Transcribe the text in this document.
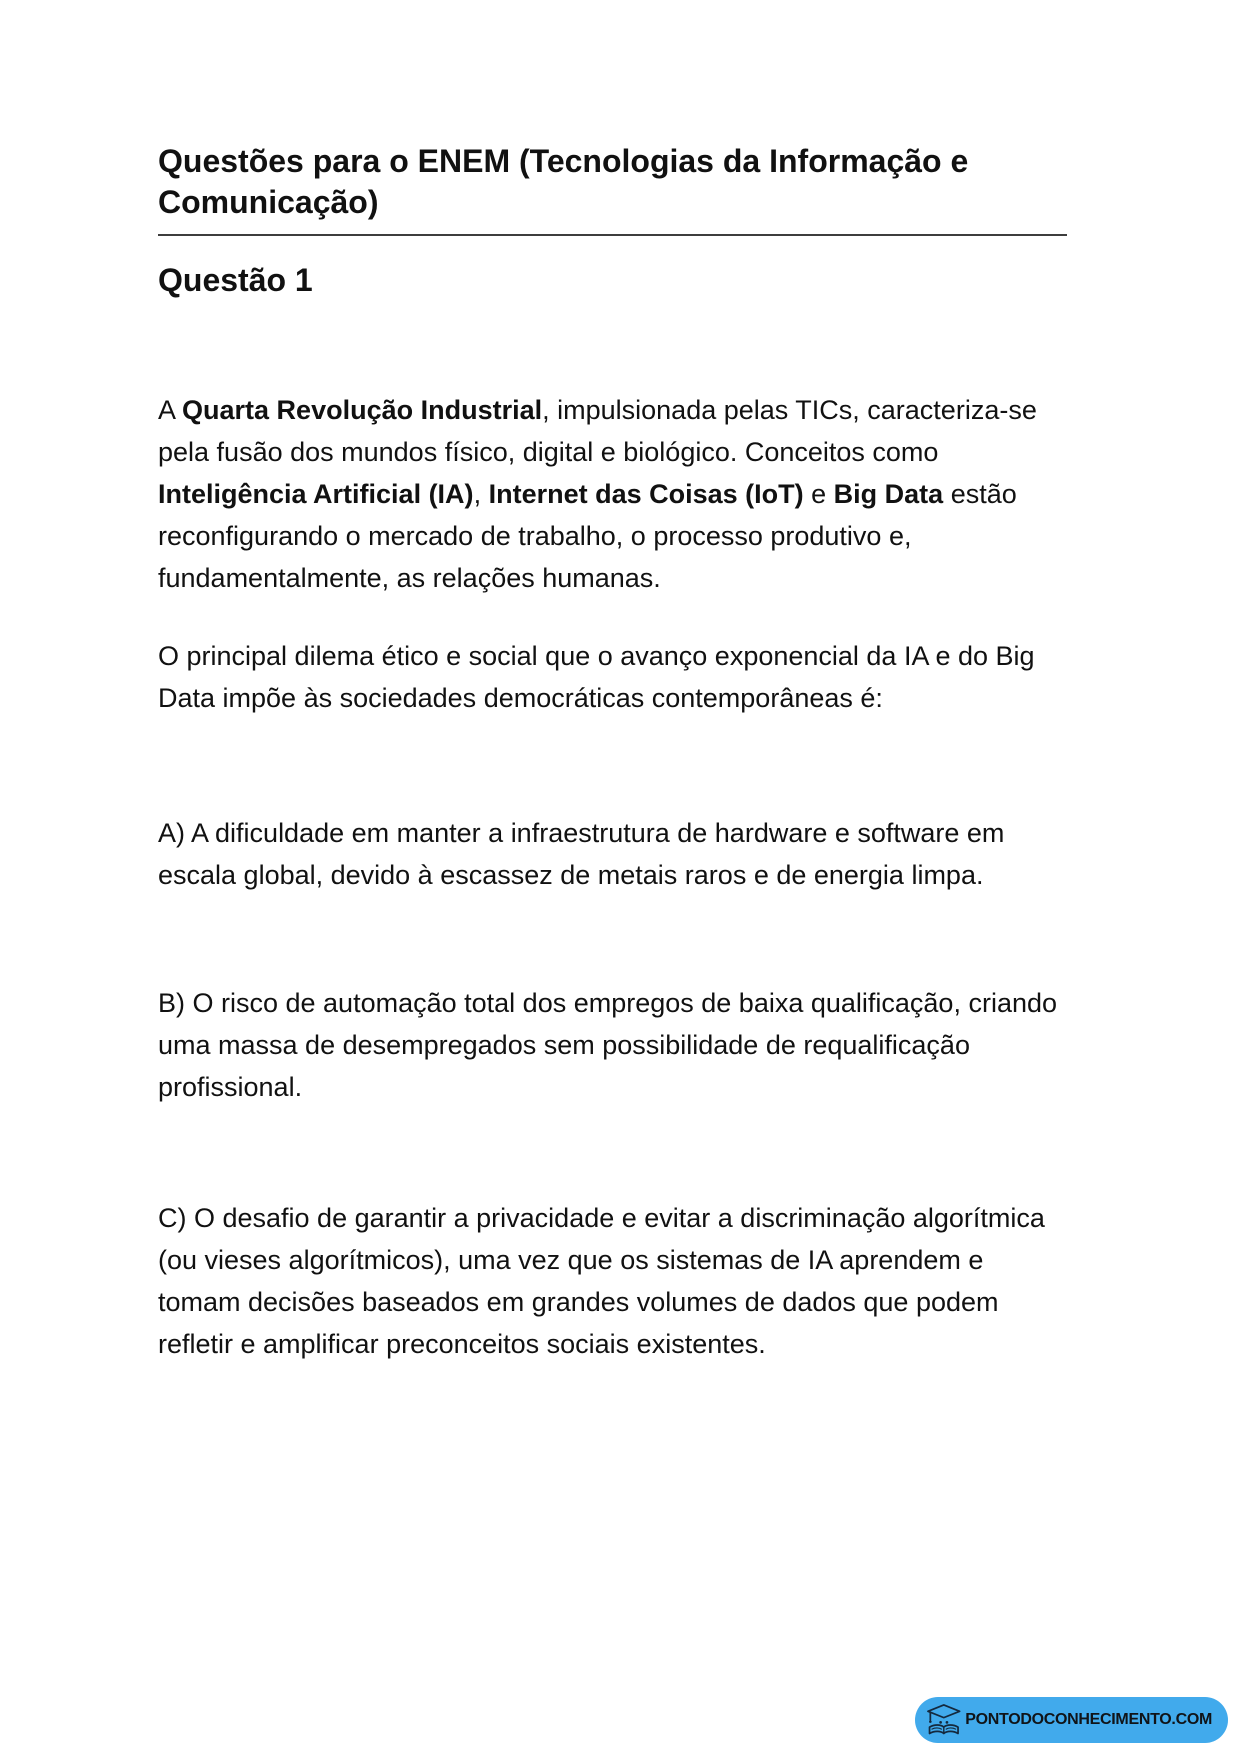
Questões para o ENEM (Tecnologias da Informação e Comunicação)
Questão 1

A Quarta Revolução Industrial, impulsionada pelas TICs, caracteriza-se pela fusão dos mundos físico, digital e biológico. Conceitos como Inteligência Artificial (IA), Internet das Coisas (IoT) e Big Data estão reconfigurando o mercado de trabalho, o processo produtivo e, fundamentalmente, as relações humanas.

O principal dilema ético e social que o avanço exponencial da IA e do Big Data impõe às sociedades democráticas contemporâneas é:

A) A dificuldade em manter a infraestrutura de hardware e software em escala global, devido à escassez de metais raros e de energia limpa.

B) O risco de automação total dos empregos de baixa qualificação, criando uma massa de desempregados sem possibilidade de requalificação profissional.

C) O desafio de garantir a privacidade e evitar a discriminação algorítmica (ou vieses algorítmicos), uma vez que os sistemas de IA aprendem e tomam decisões baseados em grandes volumes de dados que podem refletir e amplificar preconceitos sociais existentes.

PONTODOCONHECIMENTO.COM
